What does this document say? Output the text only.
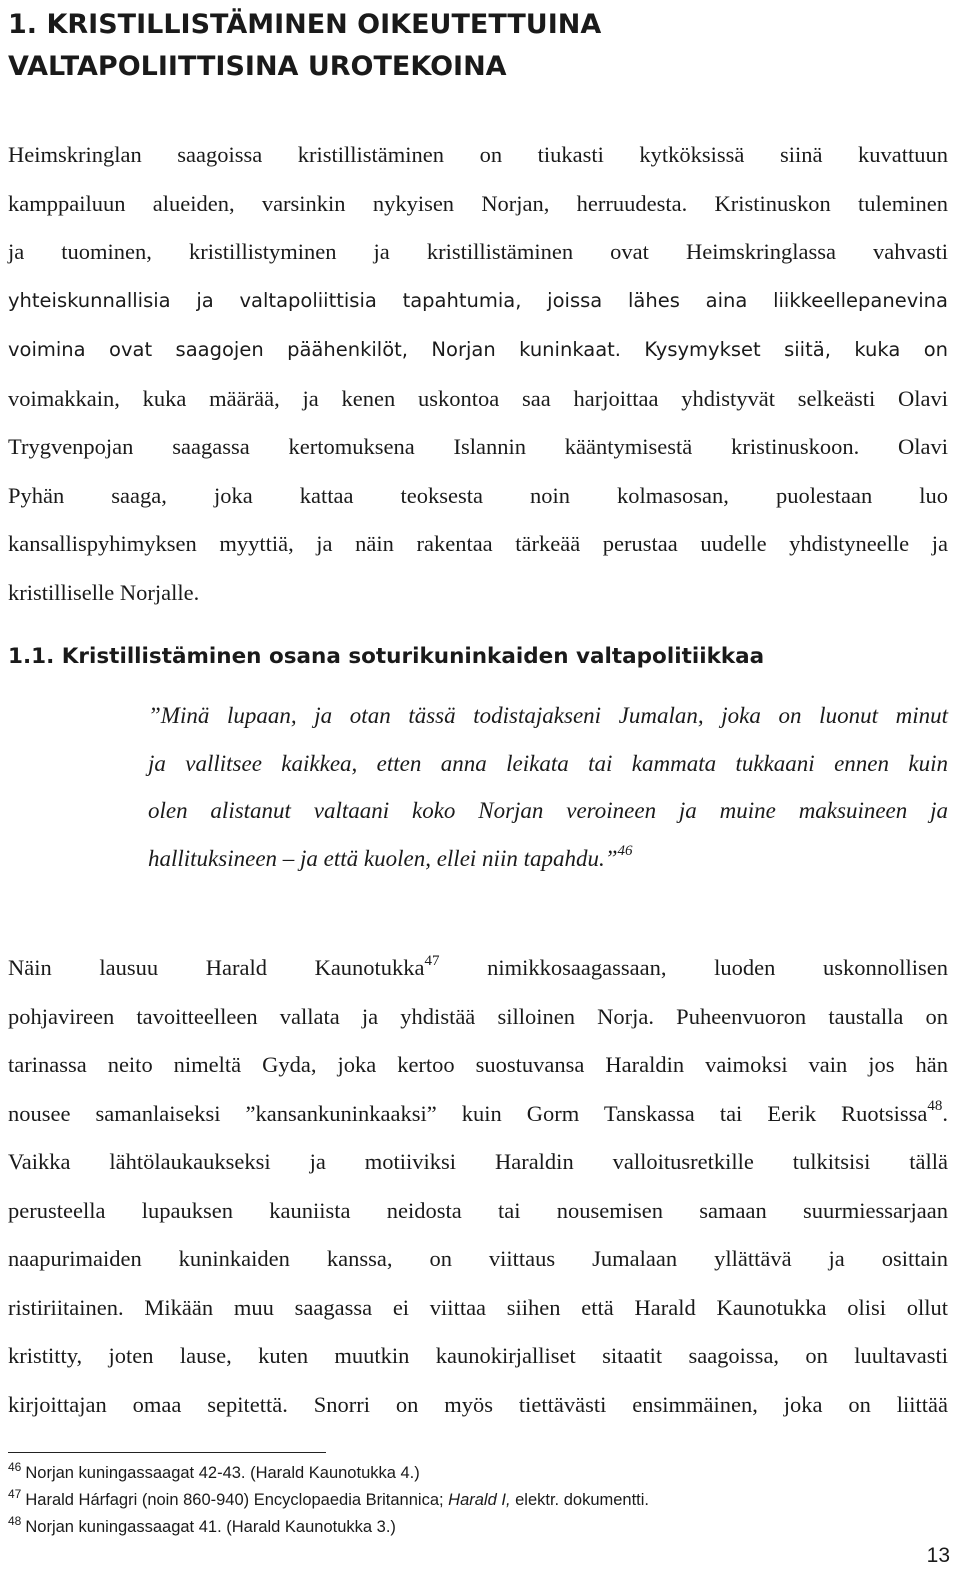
1. KRISTILLISTÄMINEN OIKEUTETTUINA
VALTAPOLIITTISINA UROTEKOINA

Heimskringlan saagoissa kristillistäminen on tiukasti kytköksissä siinä kuvattuun
kamppailuun alueiden, varsinkin nykyisen Norjan, herruudesta. Kristinuskon tuleminen
ja tuominen, kristillistyminen ja kristillistäminen ovat Heimskringlassa vahvasti
yhteiskunnallisia ja valtapoliittisia tapahtumia, joissa lähes aina liikkeellepanevina
voimina ovat saagojen päähenkilöt, Norjan kuninkaat. Kysymykset siitä, kuka on
voimakkain, kuka määrää, ja kenen uskontoa saa harjoittaa yhdistyvät selkeästi Olavi
Trygvenpojan saagassa kertomuksena Islannin kääntymisestä kristinuskoon. Olavi
Pyhän saaga, joka kattaa teoksesta noin kolmasosan, puolestaan luo
kansallispyhimyksen myyttiä, ja näin rakentaa tärkeää perustaa uudelle yhdistyneelle ja
kristilliselle Norjalle.

1.1. Kristillistäminen osana soturikuninkaiden valtapolitiikkaa
”Minä lupaan, ja otan tässä todistajakseni Jumalan, joka on luonut minut
ja vallitsee kaikkea, etten anna leikata tai kammata tukkaani ennen kuin
olen alistanut valtaani koko Norjan veroineen ja muine maksuineen ja
hallituksineen – ja että kuolen, ellei niin tapahdu.”$^{46}$

Näin lausuu Harald Kaunotukka$^{47}$ nimikkosaagassaan, luoden uskonnollisen
pohjavireen tavoitteelleen vallata ja yhdistää silloinen Norja. Puheenvuoron taustalla on
tarinassa neito nimeltä Gyda, joka kertoo suostuvansa Haraldin vaimoksi vain jos hän
nousee samanlaiseksi ”kansankuninkaaksi” kuin Gorm Tanskassa tai Eerik Ruotsissa$^{48}$.
Vaikka lähtölaukaukseksi ja motiiviksi Haraldin valloitusretkille tulkitsisi tällä
perusteella lupauksen kauniista neidosta tai nousemisen samaan suurmiessarjaan
naapurimaiden kuninkaiden kanssa, on viittaus Jumalaan yllättävä ja osittain
ristiriitainen. Mikään muu saagassa ei viittaa siihen että Harald Kaunotukka olisi ollut
kristitty, joten lause, kuten muutkin kaunokirjalliset sitaatit saagoissa, on luultavasti
kirjoittajan omaa sepitettä. Snorri on myös tiettävästi ensimmäinen, joka on liittää

$^{46}$ Norjan kuningassaagat 42-43. (Harald Kaunotukka 4.)
$^{47}$ Harald Hárfagri (noin 860-940) Encyclopaedia Britannica; Harald I, elektr. dokumentti.
$^{48}$ Norjan kuningassaagat 41. (Harald Kaunotukka 3.)
13
